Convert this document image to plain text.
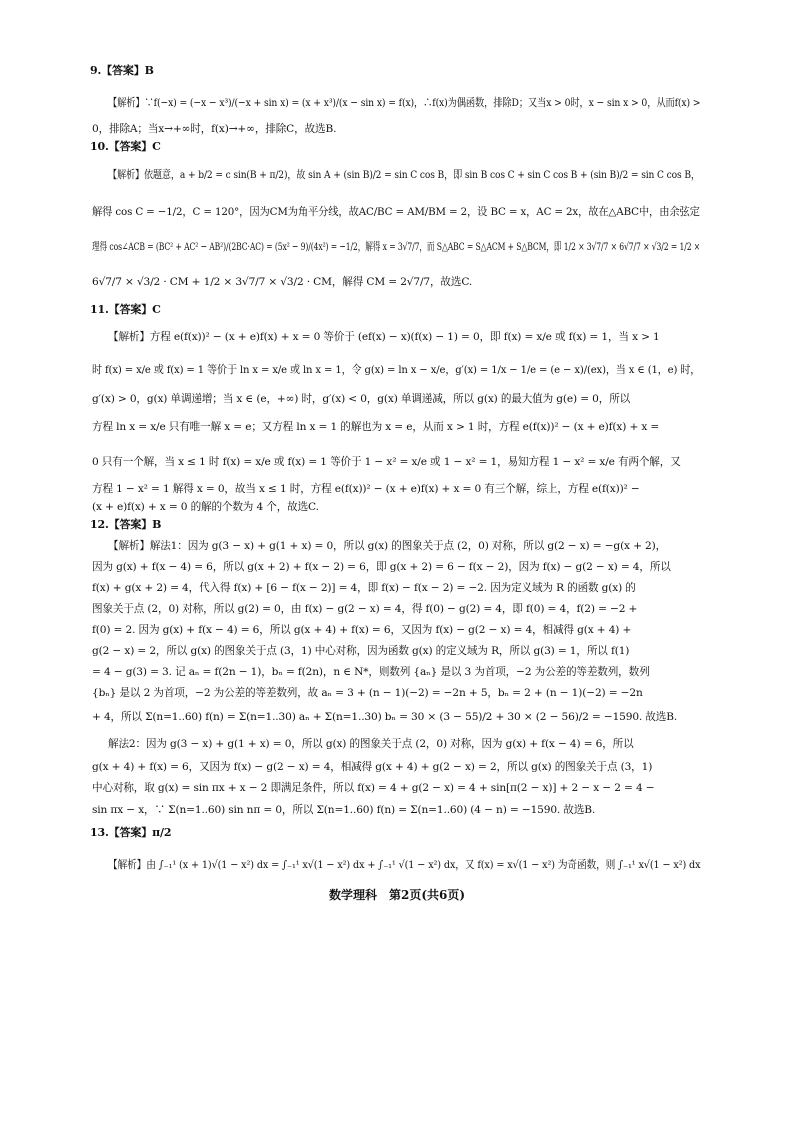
9.【答案】B
【解析】∵f(−x) = (−x − x³)/(−x + sin x) = (x + x³)/(x − sin x) = f(x)，∴f(x)为偶函数，排除D；又当x > 0时，x − sin x > 0，从而f(x) >
0，排除A；当x→+∞时，f(x)→+∞，排除C，故选B.
10.【答案】C
【解析】依题意，a + b/2 = c sin(B + π/2)，故 sin A + (sin B)/2 = sin C cos B，即 sin B cos C + sin C cos B + (sin B)/2 = sin C cos B，
解得 cos C = −1/2，C = 120°，因为CM为角平分线，故AC/BC = AM/BM = 2，设 BC = x，AC = 2x，故在△ABC中，由余弦定
理得 cos∠ACB = (BC² + AC² − AB²)/(2BC·AC) = (5x² − 9)/(4x²) = −1/2，解得 x = 3√7/7，而 S△ABC = S△ACM + S△BCM，即 1/2 × 3√7/7 × 6√7/7 × √3/2 = 1/2 ×
6√7/7 × √3/2 · CM + 1/2 × 3√7/7 × √3/2 · CM，解得 CM = 2√7/7，故选C.
11.【答案】C
【解析】方程 e(f(x))² − (x + e)f(x) + x = 0 等价于 (ef(x) − x)(f(x) − 1) = 0，即 f(x) = x/e 或 f(x) = 1，当 x > 1
时 f(x) = x/e 或 f(x) = 1 等价于 ln x = x/e 或 ln x = 1，令 g(x) = ln x − x/e，g′(x) = 1/x − 1/e = (e − x)/(ex)，当 x ∈ (1，e) 时，
g′(x) > 0，g(x) 单调递增；当 x ∈ (e，+∞) 时，g′(x) < 0，g(x) 单调递减，所以 g(x) 的最大值为 g(e) = 0，所以
方程 ln x = x/e 只有唯一解 x = e；又方程 ln x = 1 的解也为 x = e，从而 x > 1 时，方程 e(f(x))² − (x + e)f(x) + x =
0 只有一个解，当 x ≤ 1 时 f(x) = x/e 或 f(x) = 1 等价于 1 − x² = x/e 或 1 − x² = 1，易知方程 1 − x² = x/e 有两个解，又
方程 1 − x² = 1 解得 x = 0，故当 x ≤ 1 时，方程 e(f(x))² − (x + e)f(x) + x = 0 有三个解，综上，方程 e(f(x))² −
(x + e)f(x) + x = 0 的解的个数为 4 个，故选C.
12.【答案】B
【解析】解法1：因为 g(3 − x) + g(1 + x) = 0，所以 g(x) 的图象关于点 (2，0) 对称，所以 g(2 − x) = −g(x + 2)，
因为 g(x) + f(x − 4) = 6，所以 g(x + 2) + f(x − 2) = 6，即 g(x + 2) = 6 − f(x − 2)，因为 f(x) − g(2 − x) = 4，所以
f(x) + g(x + 2) = 4，代入得 f(x) + [6 − f(x − 2)] = 4，即 f(x) − f(x − 2) = −2. 因为定义域为 R 的函数 g(x) 的
图象关于点 (2，0) 对称，所以 g(2) = 0，由 f(x) − g(2 − x) = 4，得 f(0) − g(2) = 4，即 f(0) = 4，f(2) = −2 +
f(0) = 2. 因为 g(x) + f(x − 4) = 6，所以 g(x + 4) + f(x) = 6，又因为 f(x) − g(2 − x) = 4，相减得 g(x + 4) +
g(2 − x) = 2，所以 g(x) 的图象关于点 (3，1) 中心对称，因为函数 g(x) 的定义域为 R，所以 g(3) = 1，所以 f(1)
= 4 − g(3) = 3. 记 aₙ = f(2n − 1)，bₙ = f(2n)，n ∈ N*，则数列 {aₙ} 是以 3 为首项，−2 为公差的等差数列，数列
{bₙ} 是以 2 为首项，−2 为公差的等差数列，故 aₙ = 3 + (n − 1)(−2) = −2n + 5，bₙ = 2 + (n − 1)(−2) = −2n
+ 4，所以 Σ(n=1..60) f(n) = Σ(n=1..30) aₙ + Σ(n=1..30) bₙ = 30 × (3 − 55)/2 + 30 × (2 − 56)/2 = −1590. 故选B.
解法2：因为 g(3 − x) + g(1 + x) = 0，所以 g(x) 的图象关于点 (2，0) 对称，因为 g(x) + f(x − 4) = 6，所以
g(x + 4) + f(x) = 6，又因为 f(x) − g(2 − x) = 4，相减得 g(x + 4) + g(2 − x) = 2，所以 g(x) 的图象关于点 (3，1)
中心对称，取 g(x) = sin πx + x − 2 即满足条件，所以 f(x) = 4 + g(2 − x) = 4 + sin[π(2 − x)] + 2 − x − 2 = 4 −
sin πx − x，∵ Σ(n=1..60) sin nπ = 0，所以 Σ(n=1..60) f(n) = Σ(n=1..60) (4 − n) = −1590. 故选B.
13.【答案】π/2
【解析】由 ∫₋₁¹ (x + 1)√(1 − x²) dx = ∫₋₁¹ x√(1 − x²) dx + ∫₋₁¹ √(1 − x²) dx，又 f(x) = x√(1 − x²) 为奇函数，则 ∫₋₁¹ x√(1 − x²) dx
数学理科　第2页(共6页)
